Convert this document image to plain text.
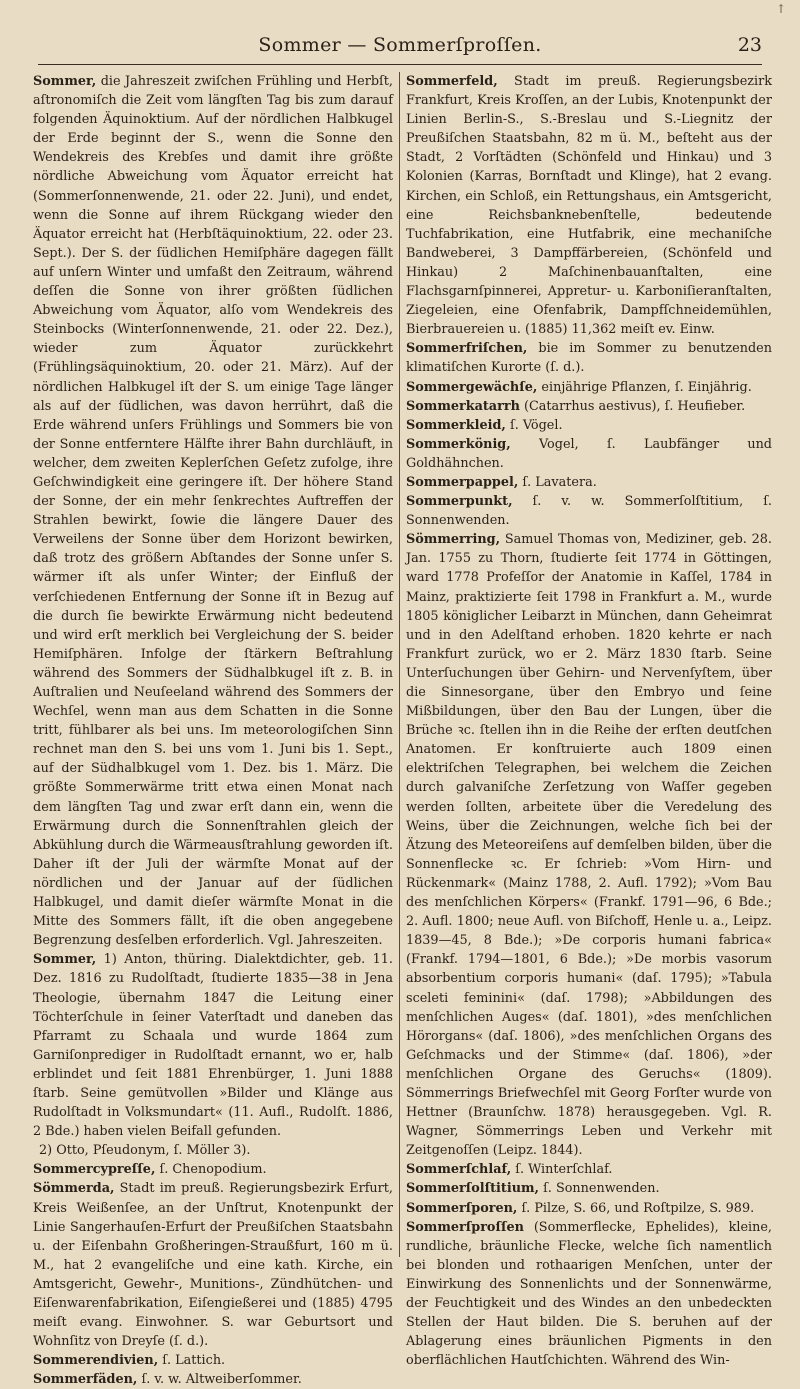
Sommer — Sommerſproſſen.	23
↑

Sommer, die Jahreszeit zwiſchen Frühling und Herbſt, aſtronomiſch die Zeit vom längſten Tag bis zum darauf folgenden Äquinoktium. Auf der nördlichen Halbkugel der Erde beginnt der S., wenn die Sonne den Wendekreis des Krebſes und damit ihre größte nördliche Abweichung vom Äquator erreicht hat (Sommerſonnenwende, 21. oder 22. Juni), und endet, wenn die Sonne auf ihrem Rückgang wieder den Äquator erreicht hat (Herbſtäquinoktium, 22. oder 23. Sept.). Der S. der ſüdlichen Hemiſphäre dagegen fällt auf unſern Winter und umfaßt den Zeitraum, während deſſen die Sonne von ihrer größten ſüdlichen Abweichung vom Äquator, alſo vom Wendekreis des Steinbocks (Winterſonnenwende, 21. oder 22. Dez.), wieder zum Äquator zurückkehrt (Frühlingsäquinoktium, 20. oder 21. März). Auf der nördlichen Halbkugel iſt der S. um einige Tage länger als auf der ſüdlichen, was davon herrührt, daß die Erde während unſers Frühlings und Sommers bie von der Sonne entferntere Hälfte ihrer Bahn durchläuft, in welcher, dem zweiten Keplerſchen Geſetz zufolge, ihre Geſchwindigkeit eine geringere iſt. Der höhere Stand der Sonne, der ein mehr ſenkrechtes Auftreffen der Strahlen bewirkt, ſowie die längere Dauer des Verweilens der Sonne über dem Horizont bewirken, daß trotz des größern Abſtandes der Sonne unſer S. wärmer iſt als unſer Winter; der Einfluß der verſchiedenen Entfernung der Sonne iſt in Bezug auf die durch ſie bewirkte Erwärmung nicht bedeutend und wird erſt merklich bei Vergleichung der S. beider Hemiſphären. Infolge der ſtärkern Beſtrahlung während des Sommers der Südhalbkugel iſt z. B. in Auſtralien und Neuſeeland während des Sommers der Wechſel, wenn man aus dem Schatten in die Sonne tritt, fühlbarer als bei uns. Im meteorologiſchen Sinn rechnet man den S. bei uns vom 1. Juni bis 1. Sept., auf der Südhalbkugel vom 1. Dez. bis 1. März. Die größte Sommerwärme tritt etwa einen Monat nach dem längſten Tag und zwar erſt dann ein, wenn die Erwärmung durch die Sonnenſtrahlen gleich der Abkühlung durch die Wärmeausſtrahlung geworden iſt. Daher iſt der Juli der wärmſte Monat auf der nördlichen und der Januar auf der ſüdlichen Halbkugel, und damit dieſer wärmſte Monat in die Mitte des Sommers fällt, iſt die oben angegebene Begrenzung desſelben erforderlich. Vgl. Jahreszeiten.

Sommer, 1) Anton, thüring. Dialektdichter, geb. 11. Dez. 1816 zu Rudolſtadt, ſtudierte 1835—38 in Jena Theologie, übernahm 1847 die Leitung einer Töchterſchule in ſeiner Vaterſtadt und daneben das Pfarramt zu Schaala und wurde 1864 zum Garniſonprediger in Rudolſtadt ernannt, wo er, halb erblindet und ſeit 1881 Ehrenbürger, 1. Juni 1888 ſtarb. Seine gemütvollen »Bilder und Klänge aus Rudolſtadt in Volksmundart« (11. Aufl., Rudolſt. 1886, 2 Bde.) haben vielen Beifall gefunden.

2) Otto, Pſeudonym, ſ. Möller 3).

Sommercypreſſe, ſ. Chenopodium.

Sömmerda, Stadt im preuß. Regierungsbezirk Erfurt, Kreis Weißenſee, an der Unſtrut, Knotenpunkt der Linie Sangerhauſen-Erfurt der Preußiſchen Staatsbahn u. der Eiſenbahn Großheringen-Straußfurt, 160 m ü. M., hat 2 evangeliſche und eine kath. Kirche, ein Amtsgericht, Gewehr-, Munitions-, Zündhütchen- und Eiſenwarenfabrikation, Eiſengießerei und (1885) 4795 meiſt evang. Einwohner. S. war Geburtsort und Wohnſitz von Dreyſe (ſ. d.).

Sommerendivien, ſ. Lattich.

Sommerfäden, ſ. v. w. Altweiberſommer.

Sommerfeld, Stadt im preuß. Regierungsbezirk Frankfurt, Kreis Kroſſen, an der Lubis, Knotenpunkt der Linien Berlin-S., S.-Breslau und S.-Liegnitz der Preußiſchen Staatsbahn, 82 m ü. M., beſteht aus der Stadt, 2 Vorſtädten (Schönfeld und Hinkau) und 3 Kolonien (Karras, Bornſtadt und Klinge), hat 2 evang. Kirchen, ein Schloß, ein Rettungshaus, ein Amtsgericht, eine Reichsbanknebenſtelle, bedeutende Tuchfabrikation, eine Hutfabrik, eine mechaniſche Bandweberei, 3 Dampffärbereien, (Schönfeld und Hinkau) 2 Maſchinenbauanſtalten, eine Flachsgarnſpinnerei, Appretur- u. Karboniſieranſtalten, Ziegeleien, eine Ofenfabrik, Dampfſchneidemühlen, Bierbrauereien u. (1885) 11,362 meiſt ev. Einw.

Sommerfriſchen, bie im Sommer zu benutzenden klimatiſchen Kurorte (ſ. d.).

Sommergewächſe, einjährige Pflanzen, ſ. Einjährig.

Sommerkatarrh (Catarrhus aestivus), ſ. Heufieber.

Sommerkleid, ſ. Vögel.

Sommerkönig, Vogel, ſ. Laubfänger und Goldhähnchen.

Sommerpappel, ſ. Lavatera.

Sommerpunkt, ſ. v. w. Sommerſolſtitium, ſ. Sonnenwenden.

Sömmerring, Samuel Thomas von, Mediziner, geb. 28. Jan. 1755 zu Thorn, ſtudierte ſeit 1774 in Göttingen, ward 1778 Profeſſor der Anatomie in Kaſſel, 1784 in Mainz, praktizierte ſeit 1798 in Frankfurt a. M., wurde 1805 königlicher Leibarzt in München, dann Geheimrat und in den Adelſtand erhoben. 1820 kehrte er nach Frankfurt zurück, wo er 2. März 1830 ſtarb. Seine Unterſuchungen über Gehirn- und Nervenſyſtem, über die Sinnesorgane, über den Embryo und ſeine Mißbildungen, über den Bau der Lungen, über die Brüche ꝛc. ſtellen ihn in die Reihe der erſten deutſchen Anatomen. Er konſtruierte auch 1809 einen elektriſchen Telegraphen, bei welchem die Zeichen durch galvaniſche Zerſetzung von Waſſer gegeben werden ſollten, arbeitete über die Veredelung des Weins, über die Zeichnungen, welche ſich bei der Ätzung des Meteoreiſens auf demſelben bilden, über die Sonnenflecke ꝛc. Er ſchrieb: »Vom Hirn- und Rückenmark« (Mainz 1788, 2. Aufl. 1792); »Vom Bau des menſchlichen Körpers« (Frankf. 1791—96, 6 Bde.; 2. Aufl. 1800; neue Aufl. von Biſchoff, Henle u. a., Leipz. 1839—45, 8 Bde.); »De corporis humani fabrica« (Frankf. 1794—1801, 6 Bde.); »De morbis vasorum absorbentium corporis humani« (daſ. 1795); »Tabula sceleti feminini« (daſ. 1798); »Abbildungen des menſchlichen Auges« (daſ. 1801), »des menſchlichen Hörorgans« (daſ. 1806), »des menſchlichen Organs des Geſchmacks und der Stimme« (daſ. 1806), »der menſchlichen Organe des Geruchs« (1809). Sömmerrings Briefwechſel mit Georg Forſter wurde von Hettner (Braunſchw. 1878) herausgegeben. Vgl. R. Wagner, Sömmerrings Leben und Verkehr mit Zeitgenoſſen (Leipz. 1844).

Sommerſchlaf, ſ. Winterſchlaf.

Sommerſolſtitium, ſ. Sonnenwenden.

Sommerſporen, ſ. Pilze, S. 66, und Roſtpilze, S. 989.

Sommerſproſſen (Sommerflecke, Ephelides), kleine, rundliche, bräunliche Flecke, welche ſich namentlich bei blonden und rothaarigen Menſchen, unter der Einwirkung des Sonnenlichts und der Sonnenwärme, der Feuchtigkeit und des Windes an den unbedeckten Stellen der Haut bilden. Die S. beruhen auf der Ablagerung eines bräunlichen Pigments in den oberflächlichen Hautſchichten. Während des Win-
